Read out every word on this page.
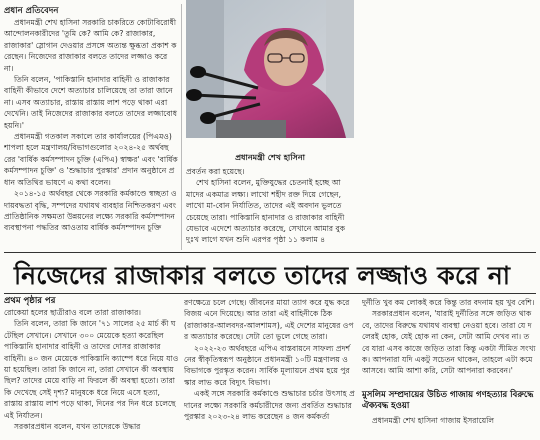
প্রধান প্রতিবেদন

প্রধানমন্ত্রী শেখ হাসিনা সরকারি চাকরিতে কোটাবিরোধী আন্দোলনকারীদের 'তুমি কে? আমি কে? রাজাকার, রাজাকার' স্লোগান দেওয়ার প্রসঙ্গে অত্যন্ত ক্ষুব্ধতা প্রকাশ করেছেন। নিজেদের রাজাকার বলতে তাদের লজ্জাও করে না।

তিনি বলেন, 'পাকিস্তানি হানাদার বাহিনী ও রাজাকার বাহিনী কীভাবে দেশে অত্যাচার চালিয়েছে তা তারা জানে না। এসব অত্যাচার, রাস্তায় রাস্তায় লাশ পড়ে থাকা এরা দেখেনি। তাই নিজেদের রাজাকার বলতে তাদের লজ্জাবোধ হয়নি।'

প্রধানমন্ত্রী গতকাল সকালে তার কার্যালয়ের (পিএমও) শাপলা হলে মন্ত্রণালয়/বিভাগগুলোর ২০২৪-২৫ অর্থবছরের 'বার্ষিক কর্মসম্পাদন চুক্তি (এপিএ) স্বাক্ষর' এবং 'বার্ষিক কর্মসম্পাদন চুক্তি' ও 'শুদ্ধাচার পুরস্কার' প্রদান অনুষ্ঠানে প্রধান অতিথির ভাষণে এ কথা বলেন।

২০১৪-১৫ অর্থবছর থেকে সরকারি কর্মকাণ্ডে স্বচ্ছতা ও দায়বদ্ধতা বৃদ্ধি, সম্পদের যথাযথ ব্যবহার নিশ্চিতকরণ এবং প্রাতিষ্ঠানিক সক্ষমতা উন্নয়নের লক্ষ্যে সরকারি কর্মসম্পাদন ব্যবস্থাপনা পদ্ধতির আওতায় বার্ষিক কর্মসম্পাদন চুক্তি

প্রধানমন্ত্রী শেখ হাসিনা

প্রবর্তন করা হয়েছে।

শেখ হাসিনা বলেন, মুক্তিযুদ্ধের চেতনাই হচ্ছে আমাদের একমাত্র লক্ষ্য। লাখো শহীদ রক্ত দিয়ে গেছেন, লাখো মা-বোন নির্যাতিত, তাদের এই অবদান ভুলতে চেয়েছে তারা। পাকিস্তানি হানাদার ও রাজাকার বাহিনী যেভাবে এদেশে অত্যাচার করেছে, সেখানে আমার বুক দুঃখ লাগে যখন শুনি এরপর পৃষ্ঠা ১১ কলাম ৪

নিজেদের রাজাকার বলতে তাদের লজ্জাও করে না
প্রথম পৃষ্ঠার পর

রোকেয়া হলের ছাত্রীরাও বলে তারা রাজাকার।

তিনি বলেন, তারা কি জানে '৭১ সালের ২৫ মার্চ কী ঘটেছিল সেখানে। সেখানে ৩০০ মেয়েকে হত্যা করেছিল পাকিস্তানি হানাদার বাহিনী ও তাদের দোসর রাজাকার বাহিনী। ৪০ জন মেয়েকে পাকিস্তানি ক্যাম্পে ধরে নিয়ে যাওয়া হয়েছিল। তারা কি জানে না, তারা সেখানে কী অবস্থায় ছিল? তাদের মেয়ে বাড়ি না ফিরলে কী অবস্থা হতো। তারা কি দেখেছে সেই দৃশ্য? মানুষকে ধরে নিয়ে এসে হত্যা, রাস্তায় রাস্তায় লাশ পড়ে থাকা, দিনের পর দিন ধরে চলেছে এই নির্যাতন।

সরকারপ্রধান বলেন, যখন তাদেরকে উদ্ধার

রণক্ষেত্রে চলে গেছে। জীবনের মায়া ত্যাগ করে যুদ্ধ করে বিজয় এনে দিয়েছে। আর তারা এই বাহিনীকে ঠিক (রাজাকার-আলবদর-আলশামস), এই দেশের মানুষের ওপর অত্যাচার করেছে। সেটা তো ভুলে গেছে তারা।

২০২২-২৩ অর্থবছরে এপিএ বাস্তবায়নে সাফল্য প্রদর্শনের স্বীকৃতিস্বরূপ অনুষ্ঠানে প্রধানমন্ত্রী ১০টি মন্ত্রণালয় ও বিভাগকে পুরস্কৃত করেন। সার্বিক মূল্যায়নে প্রথম হয়ে পুরস্কার লাভ করে বিদ্যুৎ বিভাগ।

একই সঙ্গে সরকারি কর্মকাণ্ডে শুদ্ধাচার চর্চার উৎসাহ প্রদানের লক্ষ্যে সরকারি কর্মচারীদের জন্য প্রবর্তিত শুদ্ধাচার পুরস্কার ২০২৩-২৪ লাভ করেছেন ৪ জন কর্মকর্তা

দুর্নীতি খুব কম লোকই করে কিন্তু তার বদনাম হয় খুব বেশি।

সরকারপ্রধান বলেন, 'যারাই দুর্নীতির সঙ্গে জড়িত থাকবে, তাদের বিরুদ্ধে যথাযথ ব্যবস্থা নেওয়া হবে। তারা যে দলেরই হোক, যেই হোক না কেন, সেটা আমি দেখব না। তবে যারা এসব কাজে জড়িত তারা কিন্তু একটা সীমিত সংখ্যক। আপনারা যদি একটু সচেতন থাকেন, তাহলে এটা কমে আসবে। আমি আশা করি, সেটা আপনারা করবেন।'

মুসলিম সম্প্রদায়ের উচিত গাজায় গণহত্যার বিরুদ্ধে ঐক্যবদ্ধ হওয়া

প্রধানমন্ত্রী শেখ হাসিনা গাজায় ইসরায়েলি
